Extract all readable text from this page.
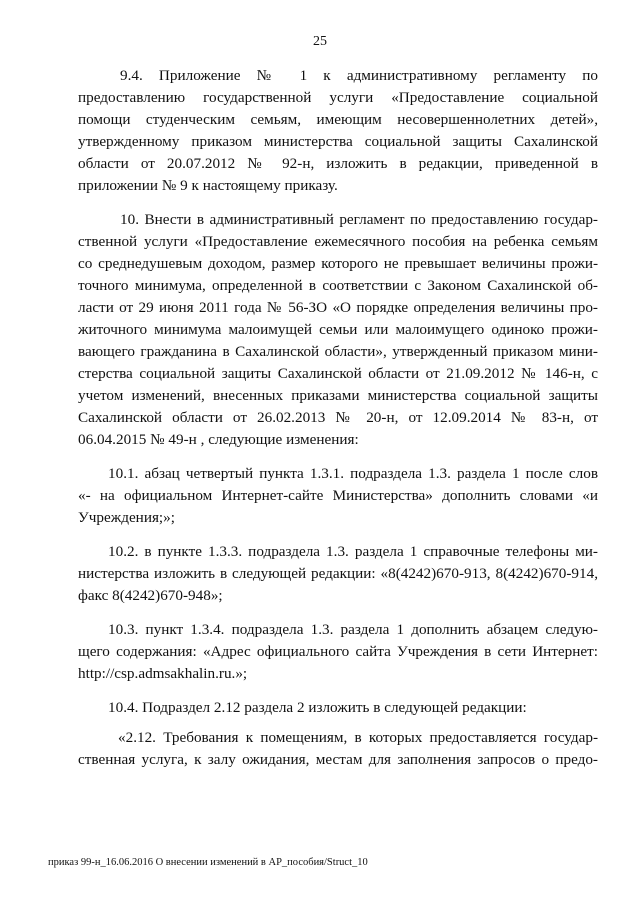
25
9.4. Приложение № 1 к административному регламенту по
предоставлению государственной услуги «Предоставление социальной
помощи студенческим семьям, имеющим несовершеннолетних детей»,
утвержденному приказом министерства социальной защиты Сахалинской
области от 20.07.2012 № 92-н, изложить в редакции, приведенной в
приложении № 9 к настоящему приказу.
10. Внести в административный регламент по предоставлению государ-
ственной услуги «Предоставление ежемесячного пособия на ребенка семьям
со среднедушевым доходом, размер которого не превышает величины прожи-
точного минимума, определенной в соответствии с Законом Сахалинской об-
ласти от 29 июня 2011 года № 56-ЗО «О порядке определения величины про-
житочного минимума малоимущей семьи или малоимущего одиноко прожи-
вающего гражданина в Сахалинской области», утвержденный приказом мини-
стерства социальной защиты Сахалинской области от 21.09.2012 № 146-н, с
учетом изменений, внесенных приказами министерства социальной защиты
Сахалинской области от 26.02.2013 № 20-н, от 12.09.2014 № 83-н, от
06.04.2015 № 49-н , следующие изменения:
10.1. абзац четвертый пункта 1.3.1. подраздела 1.3. раздела 1 после слов
«- на официальном Интернет-сайте Министерства» дополнить словами «и
Учреждения;»;
10.2. в пункте 1.3.3. подраздела 1.3. раздела 1 справочные телефоны ми-
нистерства изложить в следующей редакции: «8(4242)670-913, 8(4242)670-914,
факс 8(4242)670-948»;
10.3. пункт 1.3.4. подраздела 1.3. раздела 1 дополнить абзацем следую-
щего содержания: «Адрес официального сайта Учреждения в сети Интернет:
http://csp.admsakhalin.ru.»;
10.4. Подраздел 2.12 раздела 2 изложить в следующей редакции:
«2.12. Требования к помещениям, в которых предоставляется государ-
ственная услуга, к залу ожидания, местам для заполнения запросов о предо-
приказ 99-н_16.06.2016 О внесении изменений в АР_пособия/Struct_10
